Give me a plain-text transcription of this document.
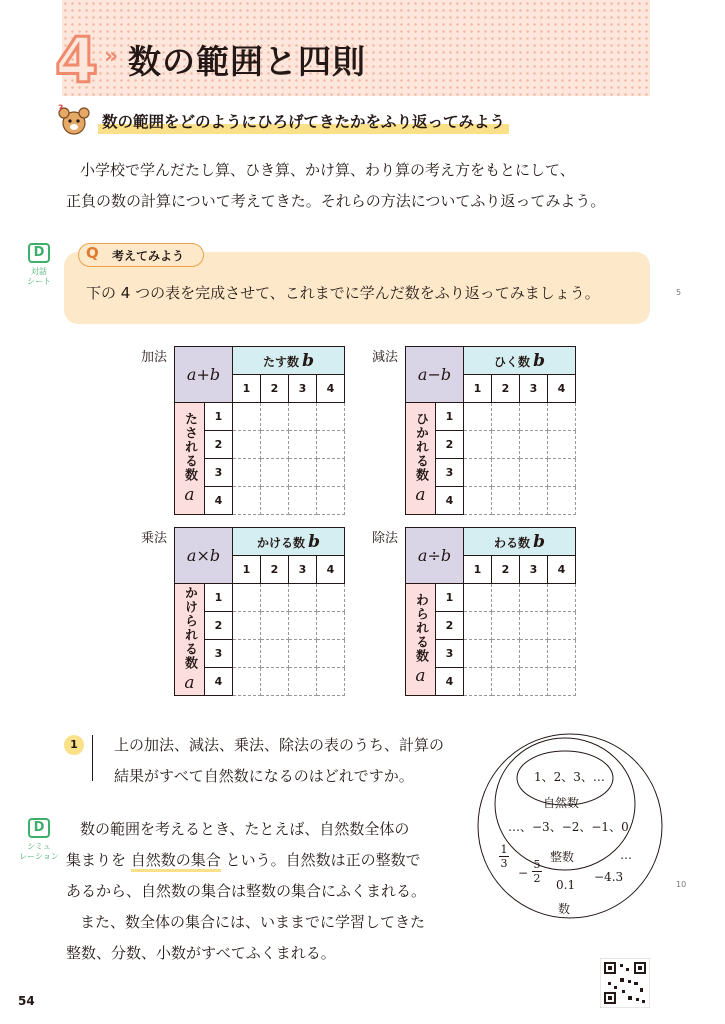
4 » 数の範囲と四則
?
数の範囲をどのようにひろげてきたかをふり返ってみよう
小学校で学んだたし算、ひき算、かけ算、わり算の考え方をもとにして、
正負の数の計算について考えてきた。それらの方法についてふり返ってみよう。
D
対話
シート
Q 考えてみよう
下の 4 つの表を完成させて、これまでに学んだ数をふり返ってみましょう。	5
10
加法
a+b		たす数 b			
		1	2	3	4
たされる数
a	1				
	2				
	3				
	4				
減法
a−b		ひく数 b			
		1	2	3	4
ひかれる数
a	1				
	2				
	3				
	4				
乗法
a×b		かける数 b			
		1	2	3	4
かけられる数
a	1				
	2				
	3				
	4				
除法
a÷b		わる数 b			
		1	2	3	4
わられる数
a	1				
	2				
	3				
	4				
1	上の加法、減法、乗法、除法の表のうち、計算の
結果がすべて自然数になるのはどれですか。
D
シミュ
レーション
数の範囲を考えるとき、たとえば、自然数全体の
集まりを 自然数の集合 という。自然数は正の整数で
あるから、自然数の集合は整数の集合にふくまれる。
また、数全体の集合には、いままでに学習してきた
整数、分数、小数がすべてふくまれる。
1、2、3、…
自然数
…、−3、−2、−1、0
整数	…
1
3
−
5
2 0.1
−4.3
数
54
